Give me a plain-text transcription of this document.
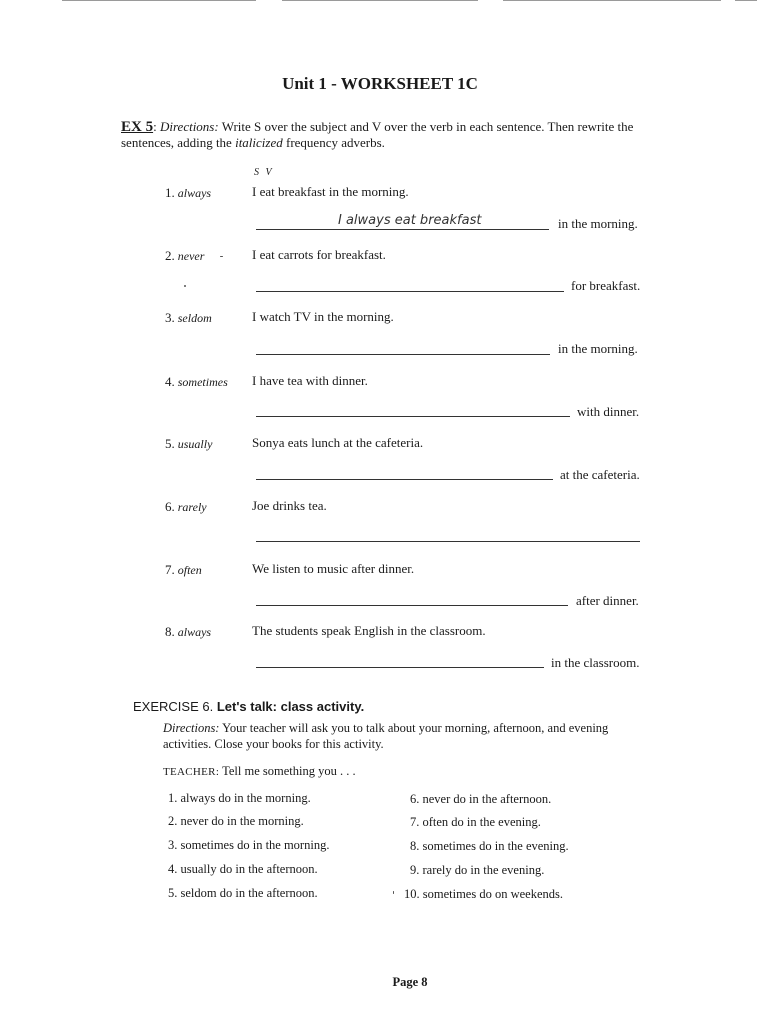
Unit 1 - WORKSHEET 1C
EX 5: Directions: Write S over the subject and V over the verb in each sentence. Then rewrite the sentences, adding the italicized frequency adverbs.
S V
1. always	I eat breakfast in the morning.
I always eat breakfast	in the morning.
2. never	I eat carrots for breakfast.
for breakfast.
3. seldom	I watch TV in the morning.
in the morning.
4. sometimes I have tea with dinner.
with dinner.
5. usually	Sonya eats lunch at the cafeteria.
at the cafeteria.
6. rarely	Joe drinks tea.
7. often	We listen to music after dinner.
after dinner.
8. always	The students speak English in the classroom.
in the classroom.
EXERCISE 6. Let's talk: class activity.
Directions: Your teacher will ask you to talk about your morning, afternoon, and evening activities. Close your books for this activity.
TEACHER: Tell me something you . . .
1. always do in the morning.
2. never do in the morning.
3. sometimes do in the morning.
4. usually do in the afternoon.
5. seldom do in the afternoon.
6. never do in the afternoon.
7. often do in the evening.
8. sometimes do in the evening.
9. rarely do in the evening.
10. sometimes do on weekends.
Page 8
